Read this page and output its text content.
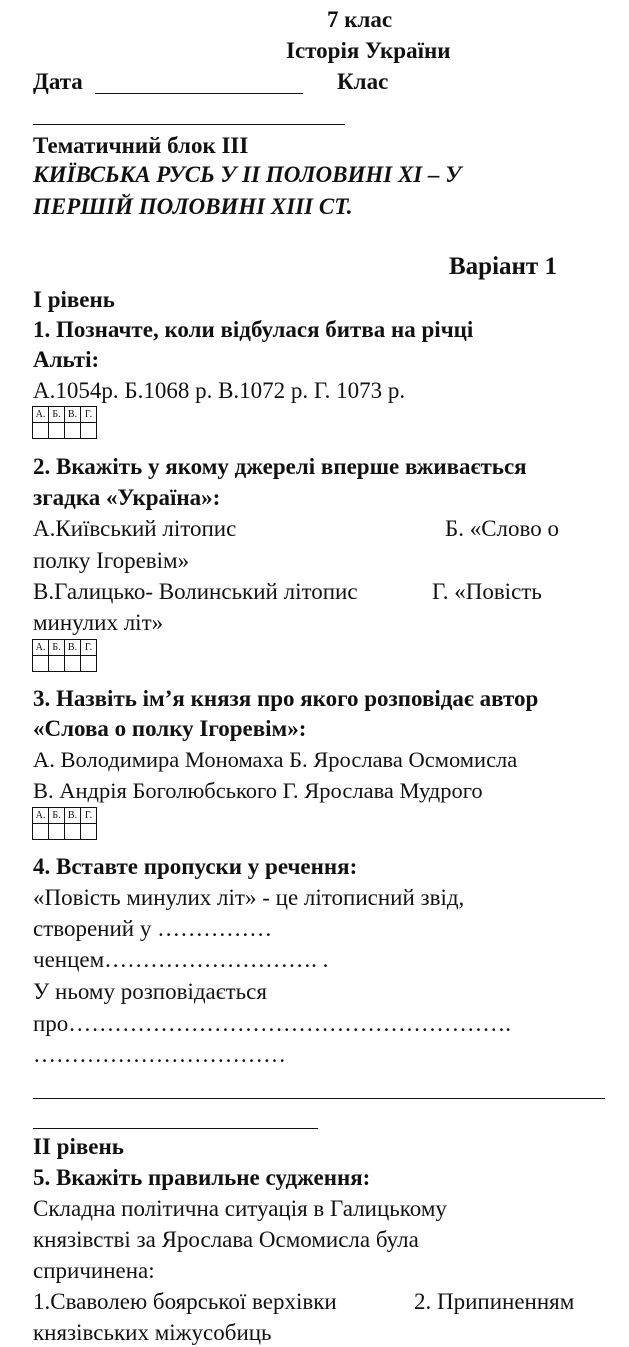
7 клас
Історія України
Дата	Клас
Тематичний блок ІІІ
КИЇВСЬКА РУСЬ У ІІ ПОЛОВИНІ ХІ – У
ПЕРШІЙ ПОЛОВИНІ ХІІІ СТ.
Варіант 1
І рівень
1. Позначте, коли відбулася битва на річці
Альті:
А.1054р. Б.1068 р. В.1072 р. Г. 1073 р.
А.	Б.	В.	Г.

2. Вкажіть у якому джерелі вперше вживається
згадка «Україна»:
А.Київський літопис	Б. «Слово о
полку Ігоревім»
В.Галицько- Волинський літопис	Г. «Повість
минулих літ»
А.	Б.	В.	Г.

3. Назвіть ім’я князя про якого розповідає автор
«Слова о полку Ігоревім»:
А. Володимира Мономаха Б. Ярослава Осмомисла
В. Андрія Боголюбського Г. Ярослава Мудрого
А.	Б.	В.	Г.

4. Вставте пропуски у речення:
«Повість минулих літ» - це літописний звід,
створений у ……………
ченцем………………………. .
У ньому розповідається
про………………………………………………….
……………………………
ІІ рівень
5. Вкажіть правильне судження:
Складна політична ситуація в Галицькому
князівстві за Ярослава Осмомисла була
спричинена:
1.Сваволею боярської верхівки	2. Припиненням
князівських міжусобиць
